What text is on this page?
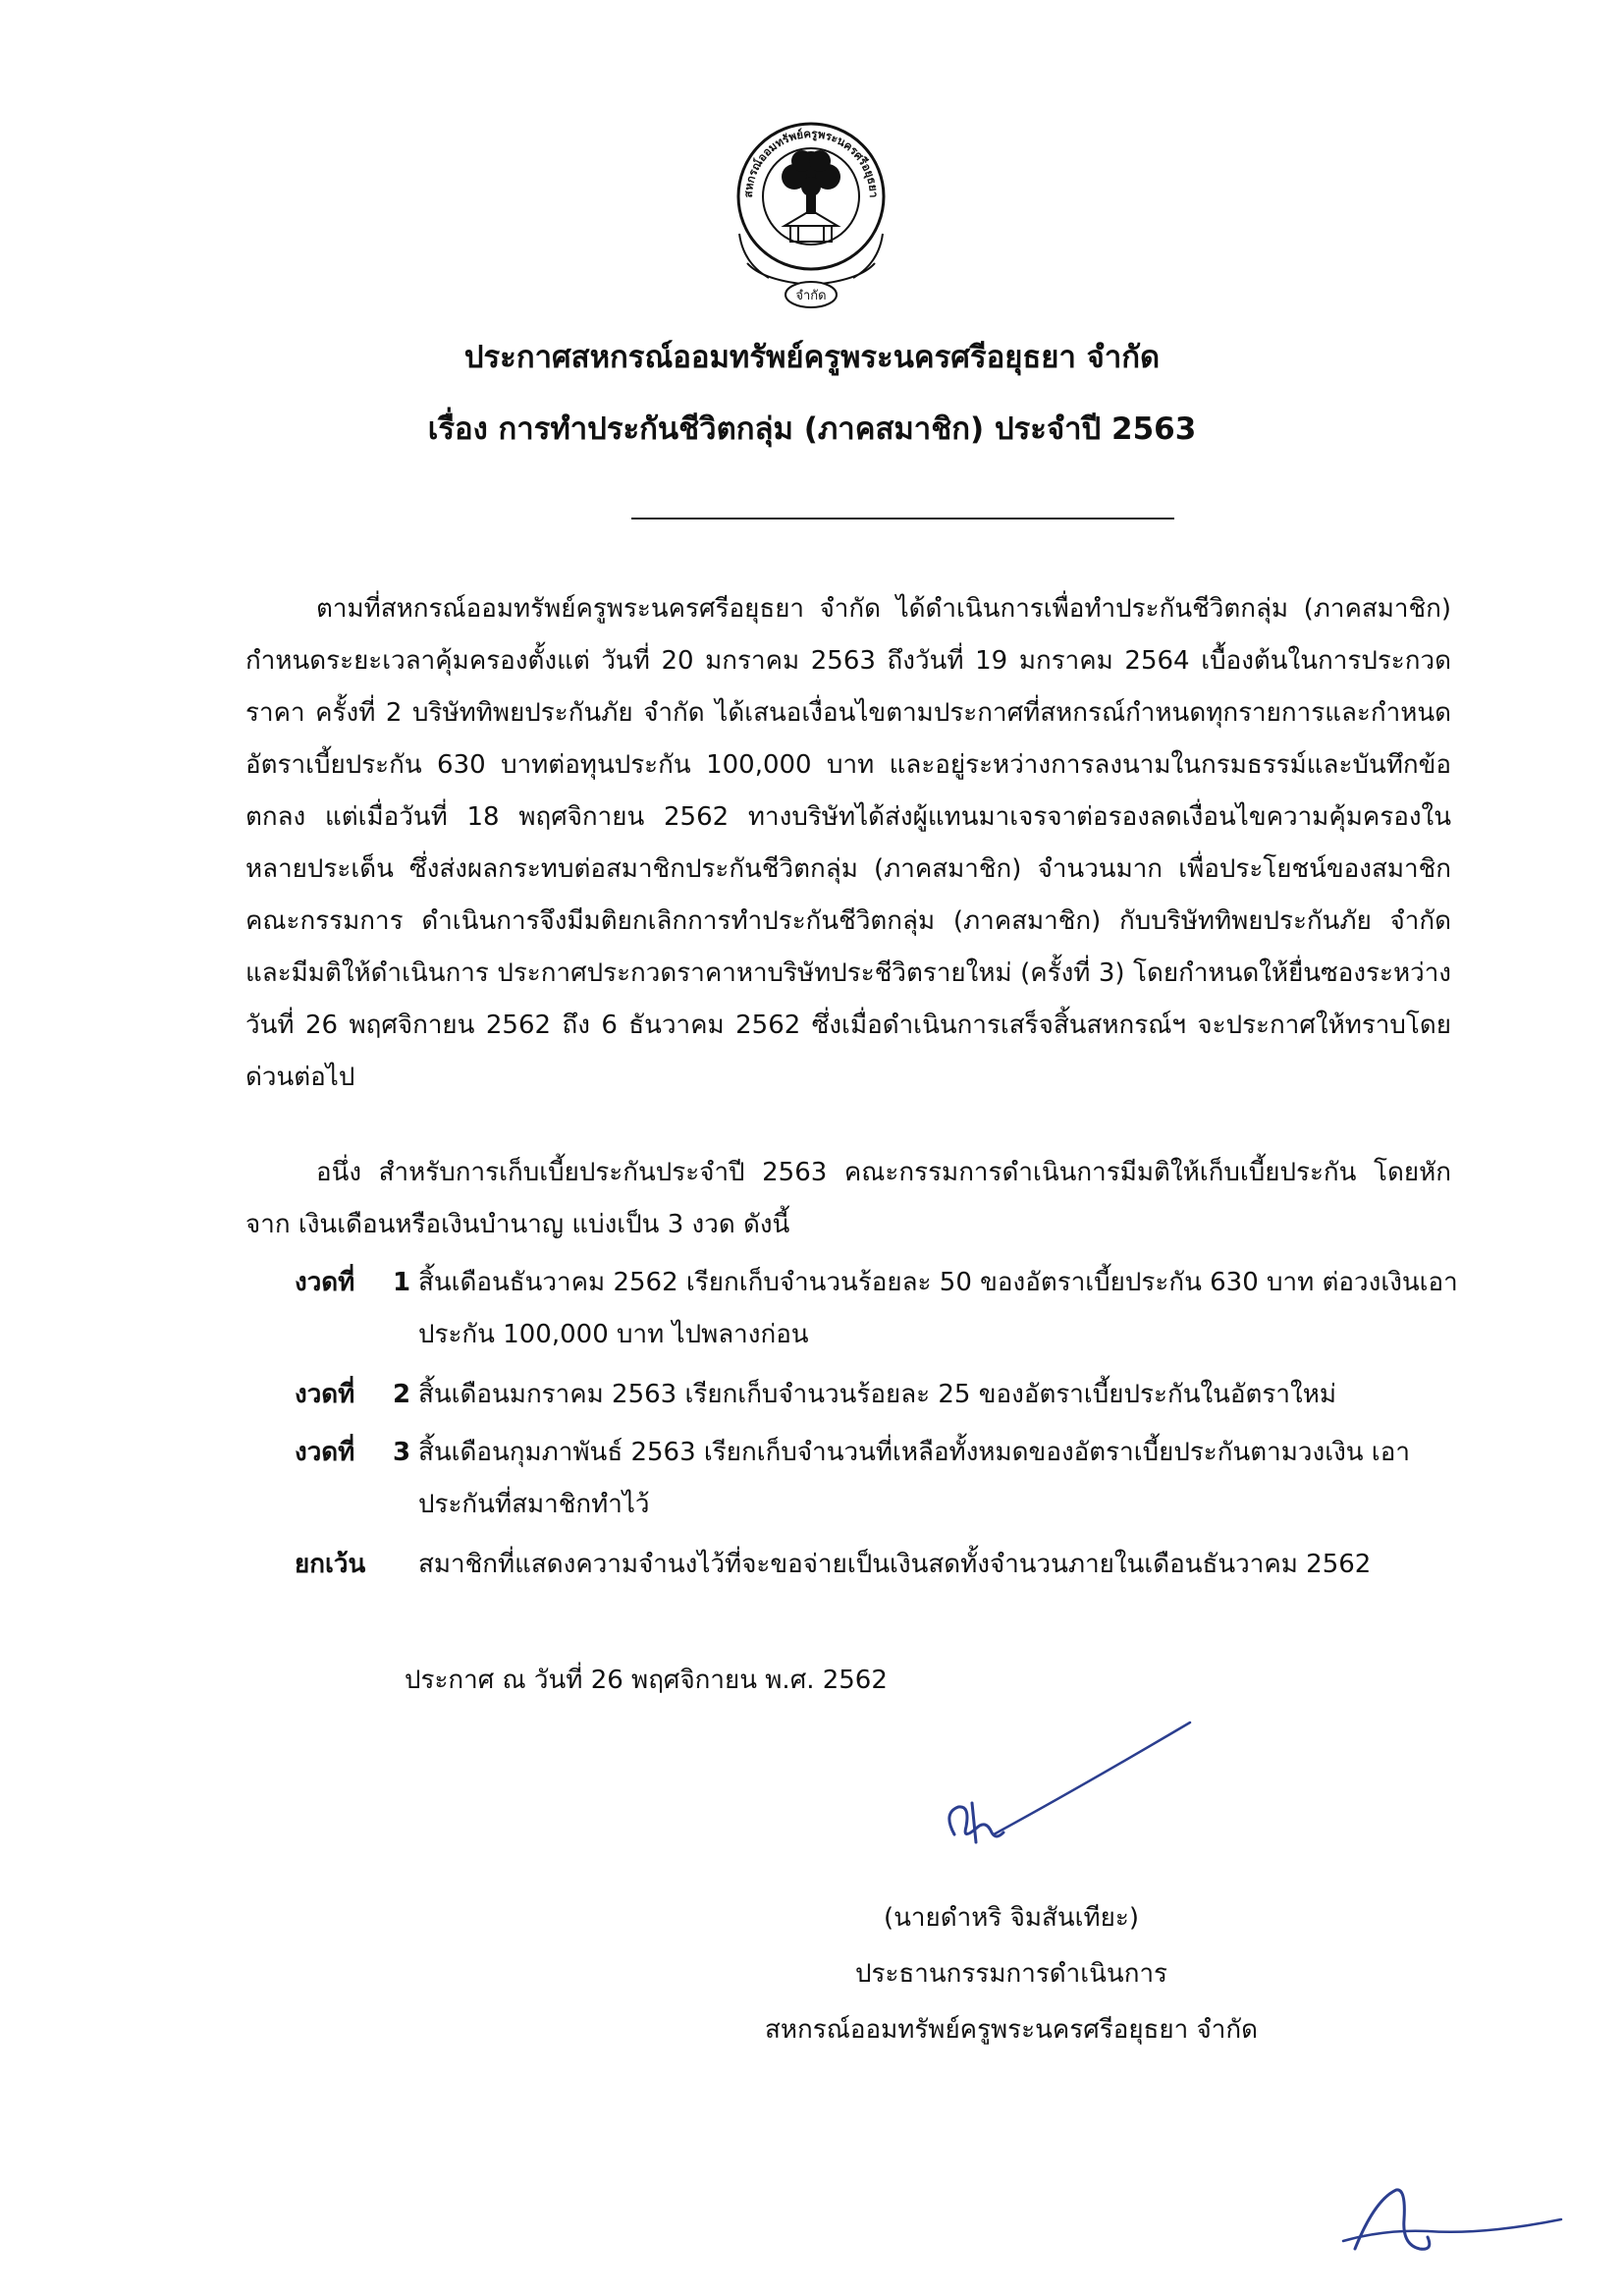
สหกรณ์ออมทรัพย์ครูพระนครศรีอยุธยา
จำกัด
ประกาศสหกรณ์ออมทรัพย์ครูพระนครศรีอยุธยา จำกัด
เรื่อง การทำประกันชีวิตกลุ่ม (ภาคสมาชิก) ประจำปี 2563
ตามที่สหกรณ์ออมทรัพย์ครูพระนครศรีอยุธยา จำกัด ได้ดำเนินการเพื่อทำประกันชีวิตกลุ่ม (ภาคสมาชิก) กำหนดระยะเวลาคุ้มครองตั้งแต่ วันที่ 20 มกราคม 2563 ถึงวันที่ 19 มกราคม 2564 เบื้องต้นในการประกวดราคา ครั้งที่ 2 บริษัททิพยประกันภัย จำกัด ได้เสนอเงื่อนไขตามประกาศที่สหกรณ์กำหนดทุกรายการและกำหนด อัตราเบี้ยประกัน 630 บาทต่อทุนประกัน 100,000 บาท และอยู่ระหว่างการลงนามในกรมธรรม์และบันทึกข้อตกลง แต่เมื่อวันที่ 18 พฤศจิกายน 2562 ทางบริษัทได้ส่งผู้แทนมาเจรจาต่อรองลดเงื่อนไขความคุ้มครองในหลายประเด็น ซึ่งส่งผลกระทบต่อสมาชิกประกันชีวิตกลุ่ม (ภาคสมาชิก) จำนวนมาก เพื่อประโยชน์ของสมาชิกคณะกรรมการ ดำเนินการจึงมีมติยกเลิกการทำประกันชีวิตกลุ่ม (ภาคสมาชิก) กับบริษัททิพยประกันภัย จำกัด และมีมติให้ดำเนินการ ประกาศประกวดราคาหาบริษัทประชีวิตรายใหม่ (ครั้งที่ 3) โดยกำหนดให้ยื่นซองระหว่างวันที่ 26 พฤศจิกายน 2562 ถึง 6 ธันวาคม 2562 ซึ่งเมื่อดำเนินการเสร็จสิ้นสหกรณ์ฯ จะประกาศให้ทราบโดยด่วนต่อไป
อนึ่ง สำหรับการเก็บเบี้ยประกันประจำปี 2563 คณะกรรมการดำเนินการมีมติให้เก็บเบี้ยประกัน โดยหักจาก เงินเดือนหรือเงินบำนาญ แบ่งเป็น 3 งวด ดังนี้
งวดที่ 1 สิ้นเดือนธันวาคม 2562 เรียกเก็บจำนวนร้อยละ 50 ของอัตราเบี้ยประกัน 630 บาท ต่อวงเงินเอาประกัน 100,000 บาท ไปพลางก่อน
งวดที่ 2 สิ้นเดือนมกราคม 2563 เรียกเก็บจำนวนร้อยละ 25 ของอัตราเบี้ยประกันในอัตราใหม่
งวดที่ 3 สิ้นเดือนกุมภาพันธ์ 2563 เรียกเก็บจำนวนที่เหลือทั้งหมดของอัตราเบี้ยประกันตามวงเงิน เอาประกันที่สมาชิกทำไว้
ยกเว้น สมาชิกที่แสดงความจำนงไว้ที่จะขอจ่ายเป็นเงินสดทั้งจำนวนภายในเดือนธันวาคม 2562
ประกาศ ณ วันที่ 26 พฤศจิกายน พ.ศ. 2562
(นายดำหริ จิมสันเทียะ)
ประธานกรรมการดำเนินการ
สหกรณ์ออมทรัพย์ครูพระนครศรีอยุธยา จำกัด
